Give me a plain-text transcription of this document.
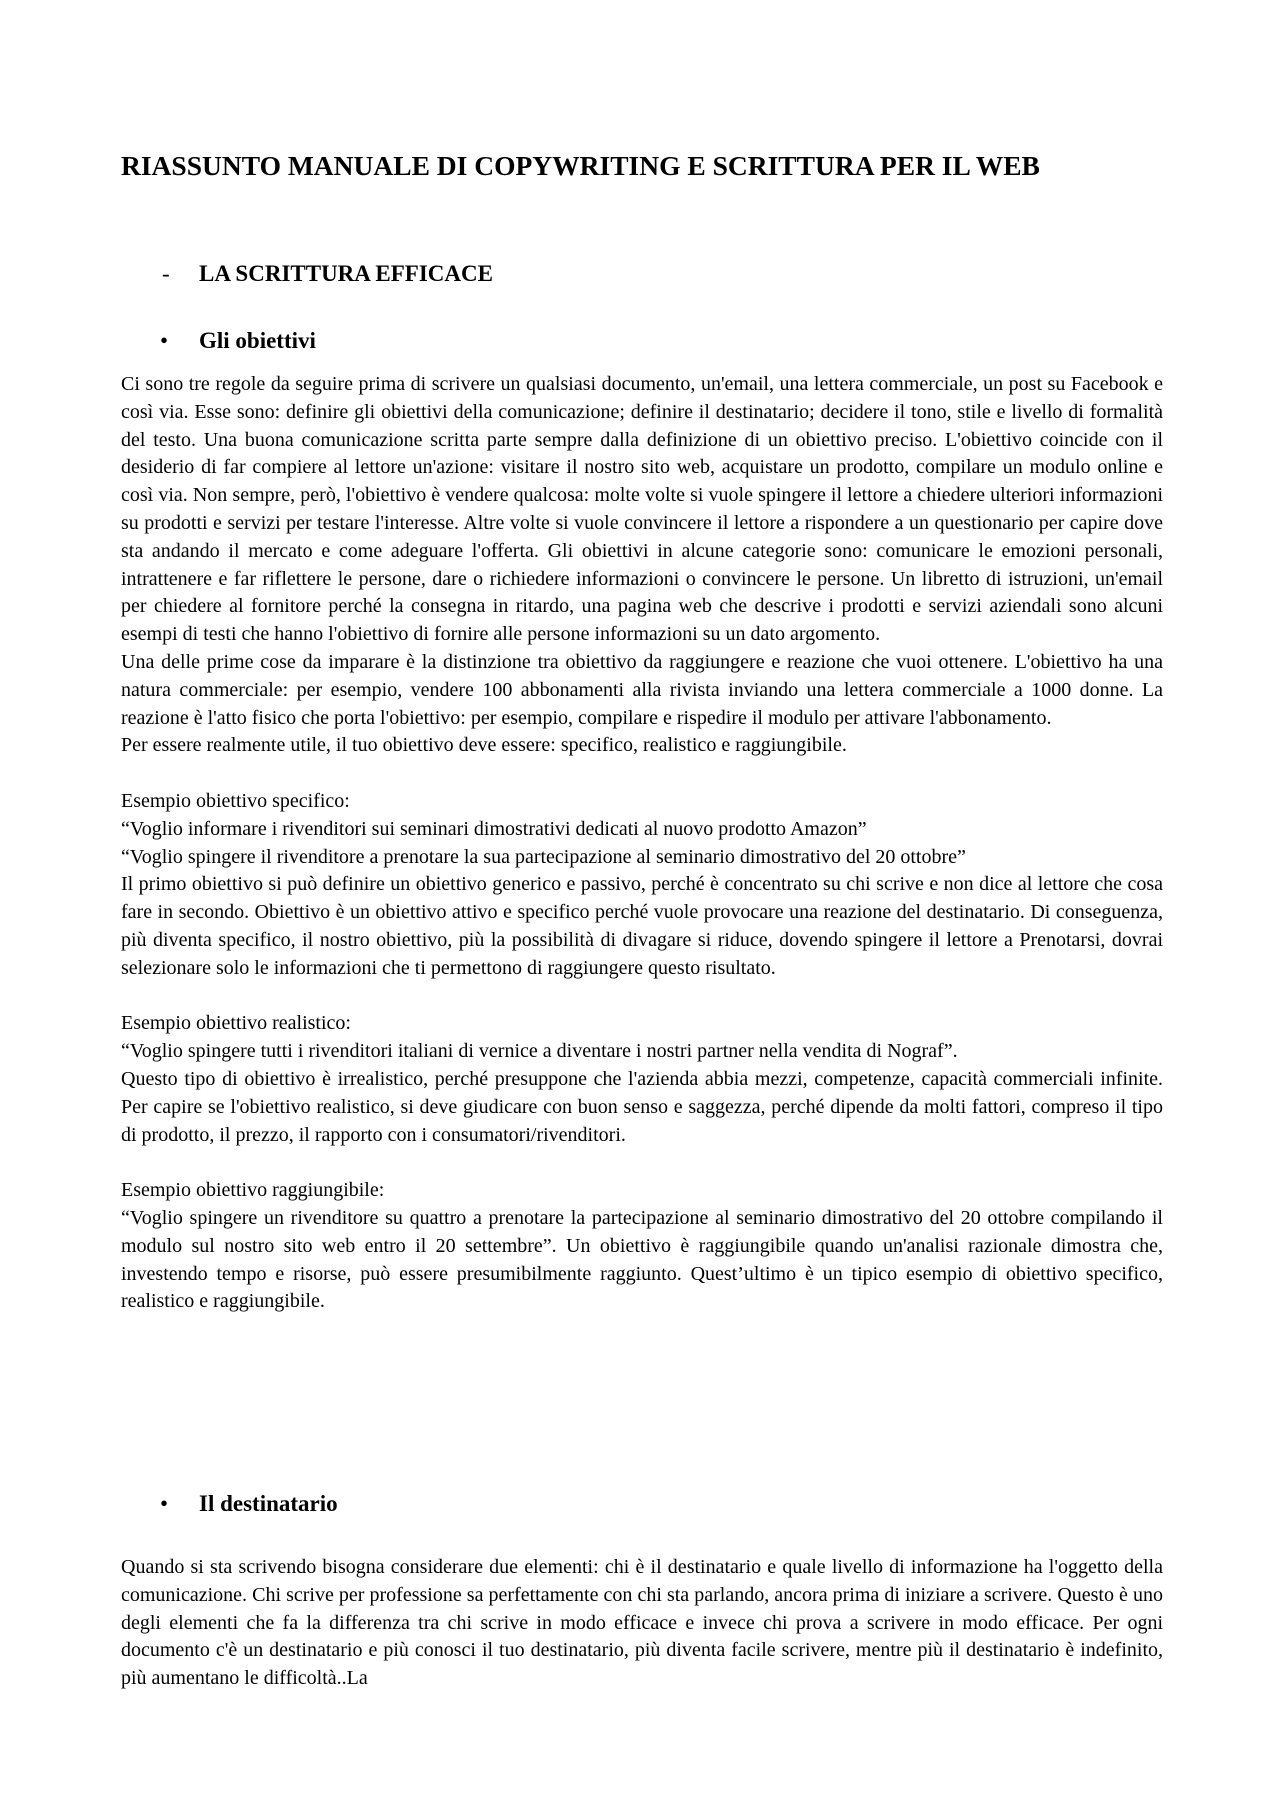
RIASSUNTO MANUALE DI COPYWRITING E SCRITTURA PER IL WEB
- LA SCRITTURA EFFICACE
• Gli obiettivi

Ci sono tre regole da seguire prima di scrivere un qualsiasi documento, un'email, una lettera commerciale, un post su Facebook e così via. Esse sono: definire gli obiettivi della comunicazione; definire il destinatario; decidere il tono, stile e livello di formalità del testo. Una buona comunicazione scritta parte sempre dalla definizione di un obiettivo preciso. L'obiettivo coincide con il desiderio di far compiere al lettore un'azione: visitare il nostro sito web, acquistare un prodotto, compilare un modulo online e così via. Non sempre, però, l'obiettivo è vendere qualcosa: molte volte si vuole spingere il lettore a chiedere ulteriori informazioni su prodotti e servizi per testare l'interesse. Altre volte si vuole convincere il lettore a rispondere a un questionario per capire dove sta andando il mercato e come adeguare l'offerta. Gli obiettivi in alcune categorie sono: comunicare le emozioni personali, intrattenere e far riflettere le persone, dare o richiedere informazioni o convincere le persone. Un libretto di istruzioni, un'email per chiedere al fornitore perché la consegna in ritardo, una pagina web che descrive i prodotti e servizi aziendali sono alcuni esempi di testi che hanno l'obiettivo di fornire alle persone informazioni su un dato argomento.

Una delle prime cose da imparare è la distinzione tra obiettivo da raggiungere e reazione che vuoi ottenere. L'obiettivo ha una natura commerciale: per esempio, vendere 100 abbonamenti alla rivista inviando una lettera commerciale a 1000 donne. La reazione è l'atto fisico che porta l'obiettivo: per esempio, compilare e rispedire il modulo per attivare l'abbonamento.

Per essere realmente utile, il tuo obiettivo deve essere: specifico, realistico e raggiungibile.

Esempio obiettivo specifico:

“Voglio informare i rivenditori sui seminari dimostrativi dedicati al nuovo prodotto Amazon”

“Voglio spingere il rivenditore a prenotare la sua partecipazione al seminario dimostrativo del 20 ottobre”

Il primo obiettivo si può definire un obiettivo generico e passivo, perché è concentrato su chi scrive e non dice al lettore che cosa fare in secondo. Obiettivo è un obiettivo attivo e specifico perché vuole provocare una reazione del destinatario. Di conseguenza, più diventa specifico, il nostro obiettivo, più la possibilità di divagare si riduce, dovendo spingere il lettore a Prenotarsi, dovrai selezionare solo le informazioni che ti permettono di raggiungere questo risultato.

Esempio obiettivo realistico:

“Voglio spingere tutti i rivenditori italiani di vernice a diventare i nostri partner nella vendita di Nograf”.

Questo tipo di obiettivo è irrealistico, perché presuppone che l'azienda abbia mezzi, competenze, capacità commerciali infinite. Per capire se l'obiettivo realistico, si deve giudicare con buon senso e saggezza, perché dipende da molti fattori, compreso il tipo di prodotto, il prezzo, il rapporto con i consumatori/rivenditori.

Esempio obiettivo raggiungibile:

“Voglio spingere un rivenditore su quattro a prenotare la partecipazione al seminario dimostrativo del 20 ottobre compilando il modulo sul nostro sito web entro il 20 settembre”. Un obiettivo è raggiungibile quando un'analisi razionale dimostra che, investendo tempo e risorse, può essere presumibilmente raggiunto. Quest’ultimo è un tipico esempio di obiettivo specifico, realistico e raggiungibile.

• Il destinatario

Quando si sta scrivendo bisogna considerare due elementi: chi è il destinatario e quale livello di informazione ha l'oggetto della comunicazione. Chi scrive per professione sa perfettamente con chi sta parlando, ancora prima di iniziare a scrivere. Questo è uno degli elementi che fa la differenza tra chi scrive in modo efficace e invece chi prova a scrivere in modo efficace. Per ogni documento c'è un destinatario e più conosci il tuo destinatario, più diventa facile scrivere, mentre più il destinatario è indefinito, più aumentano le difficoltà..La
